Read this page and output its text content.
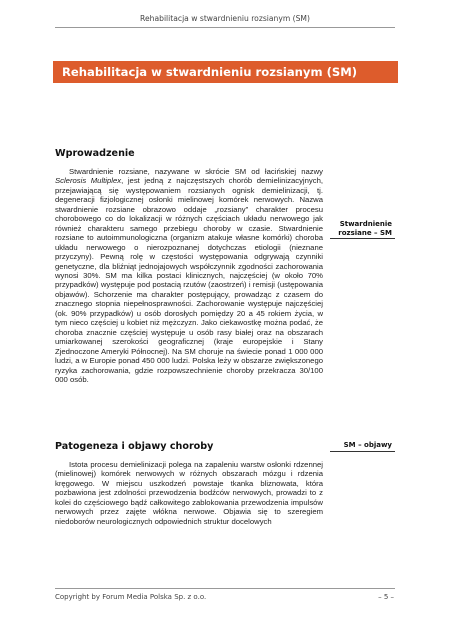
Rehabilitacja w stwardnieniu rozsianym (SM)
Rehabilitacja w stwardnieniu rozsianym (SM)
Wprowadzenie
Stwardnienie
rozsiane – SM
Stwardnienie rozsiane, nazywane w skrócie SM od łacińskiej nazwy Sclerosis Multiplex, jest jedną z najczęstszych chorób demielinizacyjnych, przejawiającą się występowaniem rozsianych ognisk demielinizacji, tj. degeneracji fizjologicznej osłonki mielinowej komórek nerwowych. Nazwa stwardnienie rozsiane obrazowo oddaje „rozsiany” charakter procesu chorobowego co do lokalizacji w różnych częściach układu nerwowego jak również charakteru samego przebiegu choroby w czasie. Stwardnienie rozsiane to autoimmunologiczna (organizm atakuje własne komórki) choroba układu nerwowego o nierozpoznanej dotychczas etiologii (nieznane przyczyny). Pewną rolę w częstości występowania odgrywają czynniki genetyczne, dla bliźniąt jednojajowych współczynnik zgodności zachorowania wynosi 30%. SM ma kilka postaci klinicznych, najczęściej (w około 70% przypadków) występuje pod postacią rzutów (zaostrzeń) i remisji (ustępowania objawów). Schorzenie ma charakter postępujący, prowadząc z czasem do znacznego stopnia niepełnosprawności. Zachorowanie występuje najczęściej (ok. 90% przypadków) u osób dorosłych pomiędzy 20 a 45 rokiem życia, w tym nieco częściej u kobiet niż mężczyzn. Jako ciekawostkę można podać, że choroba znacznie częściej występuje u osób rasy białej oraz na obszarach umiarkowanej szerokości geograficznej (kraje europejskie i Stany Zjednoczone Ameryki Północnej). Na SM choruje na świecie ponad 1 000 000 ludzi, a w Europie ponad 450 000 ludzi. Polska leży w obszarze zwiększonego ryzyka zachorowania, gdzie rozpowszechnienie choroby przekracza 30/100 000 osób.
Patogeneza i objawy choroby	SM – objawy
Istota procesu demielinizacji polega na zapaleniu warstw osłonki rdzennej (mielinowej) komórek nerwowych w różnych obszarach mózgu i rdzenia kręgowego. W miejscu uszkodzeń powstaje tkanka bliznowata, która pozbawiona jest zdolności przewodzenia bodźców nerwowych, prowadzi to z kolei do częściowego bądź całkowitego zablokowania przewodzenia impulsów nerwowych przez zajęte włókna nerwowe. Objawia się to szeregiem niedoborów neurologicznych odpowiednich struktur docelowych
Copyright by Forum Media Polska Sp. z o.o.	– 5 –
